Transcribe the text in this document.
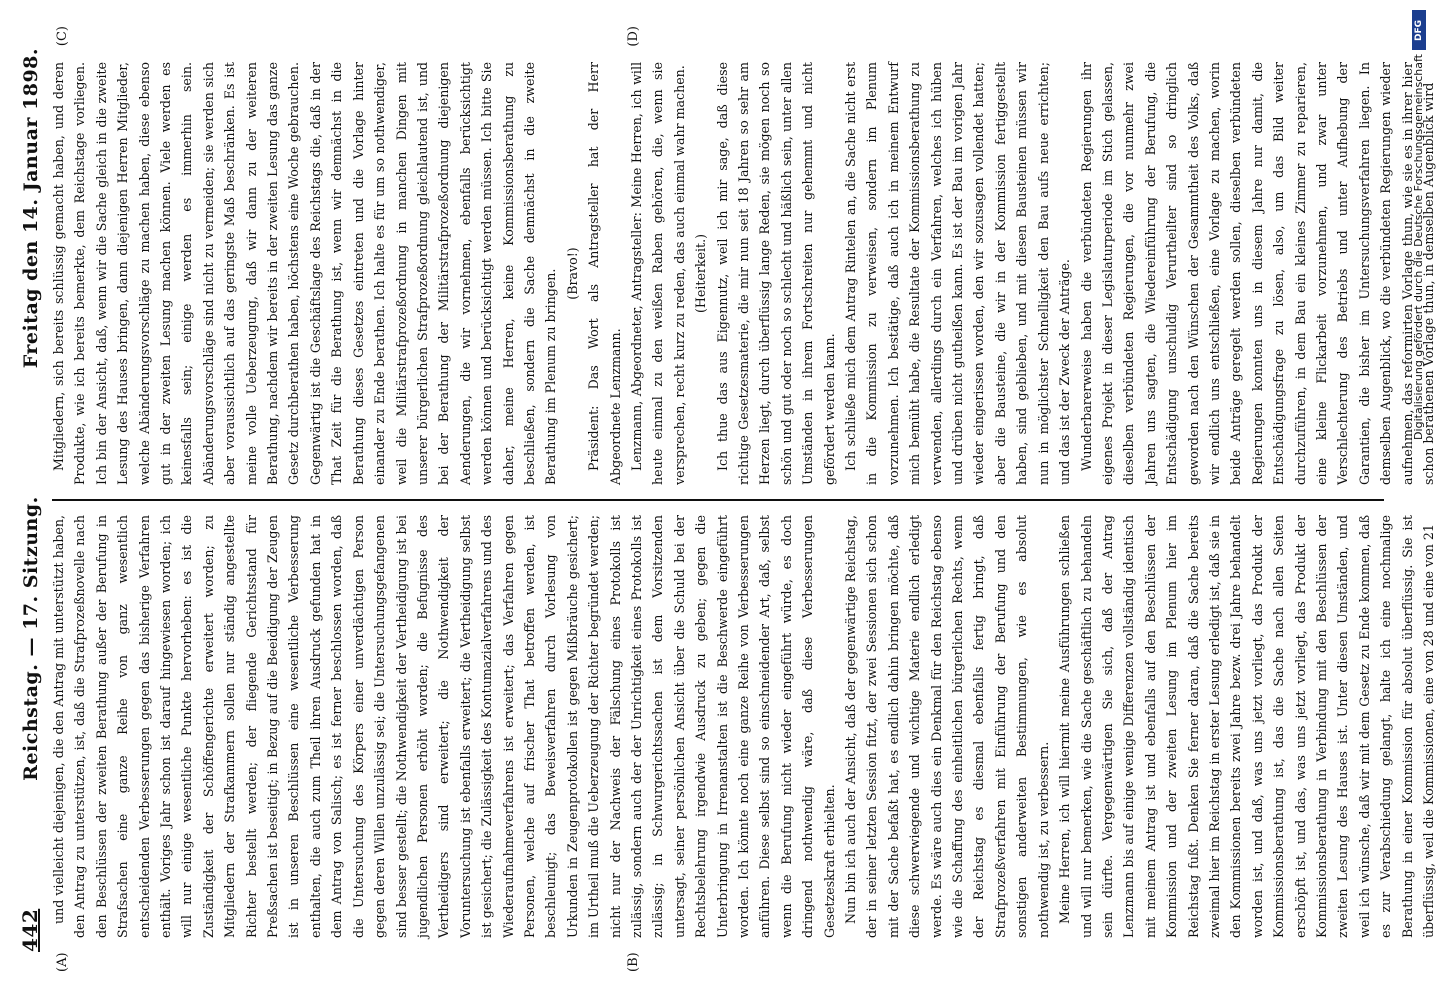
442
Reichstag. — 17. Sitzung.
Freitag den 14. Januar 1898.
(A)	(B)

und vielleicht diejenigen, die den Antrag mit unterstützt haben, den Antrag zu unterstützen, ist, daß die Strafprozeßnovelle nach den Beschlüssen der zweiten Berathung außer der Berufung in Strafsachen eine ganze Reihe von ganz wesentlich entscheidenden Verbesserungen gegen das bisherige Verfahren enthält. Voriges Jahr schon ist darauf hingewiesen worden; ich will nur einige wesentliche Punkte hervorheben: es ist die Zuständigkeit der Schöffengerichte erweitert worden; zu Mitgliedern der Strafkammern sollen nur ständig angestellte Richter bestellt werden; der fliegende Gerichtsstand für Preßsachen ist beseitigt; in Bezug auf die Beeidigung der Zeugen ist in unseren Beschlüssen eine wesentliche Verbesserung enthalten, die auch zum Theil ihren Ausdruck gefunden hat in dem Antrag von Salisch; es ist ferner beschlossen worden, daß die Untersuchung des Körpers einer unverdächtigen Person gegen deren Willen unzulässig sei; die Untersuchungsgefangenen sind besser gestellt; die Nothwendigkeit der Vertheidigung ist bei jugendlichen Personen erhöht worden; die Befugnisse des Vertheidigers sind erweitert; die Nothwendigkeit der Voruntersuchung ist ebenfalls erweitert; die Vertheidigung selbst ist gesichert; die Zulässigkeit des Kontumazialverfahrens und des Wiederaufnahmeverfahrens ist erweitert; das Verfahren gegen Personen, welche auf frischer That betroffen werden, ist beschleunigt; das Beweisverfahren durch Vorlesung von Urkunden in Zeugenprotokollen ist gegen Mißbräuche gesichert; im Urtheil muß die Ueberzeugung der Richter begründet werden; nicht nur der Nachweis der Fälschung eines Protokolls ist zulässig, sondern auch der der Unrichtigkeit eines Protokolls ist zulässig; in Schwurgerichtssachen ist dem Vorsitzenden untersagt, seiner persönlichen Ansicht über die Schuld bei der Rechtsbelehrung irgendwie Ausdruck zu geben; gegen die Unterbringung in Irrenanstalten ist die Beschwerde eingeführt worden. Ich könnte noch eine ganze Reihe von Verbesserungen anführen. Diese selbst sind so einschneidender Art, daß, selbst wenn die Berufung nicht wieder eingeführt würde, es doch dringend nothwendig wäre, daß diese Verbesserungen Gesetzeskraft erhielten. Nun bin ich auch der Ansicht, daß der gegenwärtige Reichstag, der in seiner letzten Session fitzt, der zwei Sessionen sich schon mit der Sache befaßt hat, es endlich dahin bringen möchte, daß diese schwerwiegende und wichtige Materie endlich erledigt werde. Es wäre auch dies ein Denkmal für den Reichstag ebenso wie die Schaffung des einheitlichen bürgerlichen Rechts, wenn der Reichstag es diesmal ebenfalls fertig bringt, daß Strafprozeßverfahren mit Einführung der Berufung und den sonstigen anderweiten Bestimmungen, wie es absolut nothwendig ist, zu verbessern. Meine Herren, ich will hiermit meine Ausführungen schließen und will nur bemerken, wie die Sache geschäftlich zu behandeln sein dürfte. Vergegenwärtigen Sie sich, daß der Antrag Lenzmann bis auf einige wenige Differenzen vollständig identisch mit meinem Antrag ist und ebenfalls auf den Beschlüssen der Kommission und der zweiten Lesung im Plenum hier im Reichstag fußt. Denken Sie ferner daran, daß die Sache bereits zweimal hier im Reichstag in erster Lesung erledigt ist, daß sie in den Kommissionen bereits zwei Jahre bezw. drei Jahre behandelt worden ist, und daß, was uns jetzt vorliegt, das Produkt der Kommissionsberathung ist, das die Sache nach allen Seiten erschöpft ist, und das, was uns jetzt vorliegt, das Produkt der Kommissionsberathung in Verbindung mit den Beschlüssen der zweiten Lesung des Hauses ist. Unter diesen Umständen, und weil ich wünsche, daß wir mit dem Gesetz zu Ende kommen, daß es zur Verabschiedung gelangt, halte ich eine nochmalige Berathung in einer Kommission für absolut überflüssig. Sie ist überflüssig, weil die Kommissionen, eine von 28 und eine von 21

(C)	(D)

Mitgliedern, sich bereits schlüssig gemacht haben, und deren Produkte, wie ich bereits bemerkte, dem Reichstage vorliegen. Ich bin der Ansicht, daß, wenn wir die Sache gleich in die zweite Lesung des Hauses bringen, dann diejenigen Herren Mitglieder, welche Abänderungsvorschläge zu machen haben, diese ebenso gut in der zweiten Lesung machen können. Viele werden es keinesfalls sein; einige werden es immerhin sein. Abänderungsvorschläge sind nicht zu vermeiden; sie werden sich aber voraussichtlich auf das geringste Maß beschränken. Es ist meine volle Ueberzeugung, daß wir dann zu der weiteren Berathung, nachdem wir bereits in der zweiten Lesung das ganze Gesetz durchberathen haben, höchstens eine Woche gebrauchen. Gegenwärtig ist die Geschäftslage des Reichstags die, daß in der That Zeit für die Berathung ist, wenn wir demnächst in die Berathung dieses Gesetzes eintreten und die Vorlage hinter einander zu Ende berathen. Ich halte es für um so nothwendiger, weil die Militärstrafprozeßordnung in manchen Dingen mit unserer bürgerlichen Strafprozeßordnung gleichlautend ist, und bei der Berathung der Militärstrafprozeßordnung diejenigen Aenderungen, die wir vornehmen, ebenfalls berücksichtigt werden können und berücksichtigt werden müssen. Ich bitte Sie daher, meine Herren, keine Kommissionsberathung zu beschließen, sondern die Sache demnächst in die zweite Berathung im Plenum zu bringen. (Bravo!) Präsident: Das Wort als Antragsteller hat der Herr Abgeordnete Lenzmann. Lenzmann, Abgeordneter, Antragsteller: Meine Herren, ich will heute einmal zu den weißen Raben gehören, die, wenn sie versprechen, recht kurz zu reden, das auch einmal wahr machen. (Heiterkeit.) Ich thue das aus Eigennutz, weil ich mir sage, daß diese richtige Gesetzesmaterie, die mir nun seit 18 Jahren so sehr am Herzen liegt, durch überflüssig lange Reden, sie mögen noch so schön und gut oder noch so schlecht und häßlich sein, unter allen Umständen in ihrem Fortschreiten nur gehemmt und nicht gefördert werden kann. Ich schließe mich dem Antrag Rintelen an, die Sache nicht erst in die Kommission zu verweisen, sondern im Plenum vorzunehmen. Ich bestätige, daß auch ich in meinem Entwurf mich bemüht habe, die Resultate der Kommissionsberathung zu verwenden, allerdings durch ein Verfahren, welches ich hüben und drüben nicht gutheißen kann. Es ist der Bau im vorigen Jahr wieder eingerissen worden, den wir sozusagen vollendet hatten; aber die Bausteine, die wir in der Kommission fertiggestellt haben, sind geblieben, und mit diesen Bausteinen müssen wir nun in möglichster Schnelligkeit den Bau aufs neue errichten; und das ist der Zweck der Anträge. Wunderbarerweise haben die verbündeten Regierungen ihr eigenes Projekt in dieser Legislaturperiode im Stich gelassen, dieselben verbündeten Regierungen, die vor nunmehr zwei Jahren uns sagten, die Wiedereinführung der Berufung, die Entschädigung unschuldig Verurtheilter sind so dringlich geworden nach den Wünschen der Gesammtheit des Volks, daß wir endlich uns entschließen, eine Vorlage zu machen, worin beide Anträge geregelt werden sollen, dieselben verbündeten Regierungen konnten uns in diesem Jahre nur damit, die Entschädigungsfrage zu lösen, also, um das Bild weiter durchzuführen, in dem Bau ein kleines Zimmer zu reparieren, eine kleine Flickarbeit vorzunehmen, und zwar unter Verschlechterung des Betriebs und unter Aufhebung der Garantien, die bisher im Untersuchungsverfahren liegen. In demselben Augenblick, wo die verbündeten Regierungen wieder aufnehmen, das reformirten Vorlage thun, wie sie es in ihrer hier schon berathenen Vorlage thun, in demselben Augenblick wird

DFG
Digitalisierung gefördert durch die Deutsche Forschungsgemeinschaft
